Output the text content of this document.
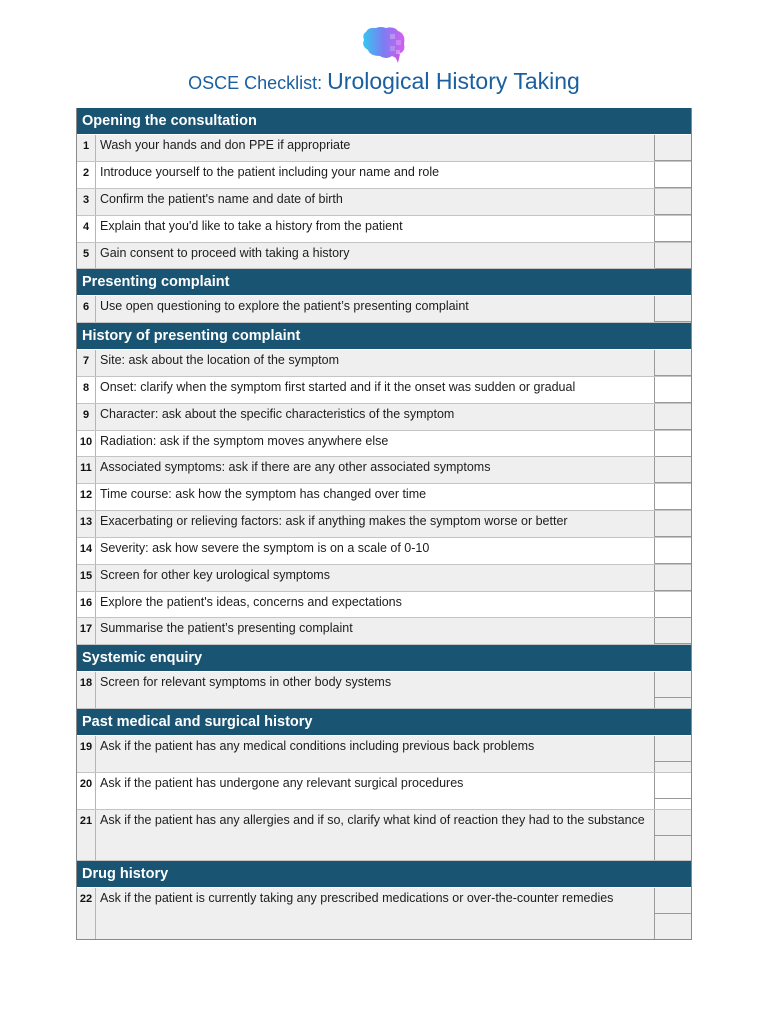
OSCE Checklist: Urological History Taking
Opening the consultation
1 Wash your hands and don PPE if appropriate
2 Introduce yourself to the patient including your name and role
3 Confirm the patient's name and date of birth
4 Explain that you'd like to take a history from the patient
5 Gain consent to proceed with taking a history
Presenting complaint
6 Use open questioning to explore the patient’s presenting complaint
History of presenting complaint
7 Site: ask about the location of the symptom
8 Onset: clarify when the symptom first started and if it the onset was sudden or gradual
9 Character: ask about the specific characteristics of the symptom
10 Radiation: ask if the symptom moves anywhere else
11 Associated symptoms: ask if there are any other associated symptoms
12 Time course: ask how the symptom has changed over time
13 Exacerbating or relieving factors: ask if anything makes the symptom worse or better
14 Severity: ask how severe the symptom is on a scale of 0-10
15 Screen for other key urological symptoms
16 Explore the patient's ideas, concerns and expectations
17 Summarise the patient’s presenting complaint
Systemic enquiry
18 Screen for relevant symptoms in other body systems
Past medical and surgical history
19 Ask if the patient has any medical conditions including previous back problems
20 Ask if the patient has undergone any relevant surgical procedures
21 Ask if the patient has any allergies and if so, clarify what kind of reaction they had to the substance
Drug history
22 Ask if the patient is currently taking any prescribed medications or over-the-counter remedies
